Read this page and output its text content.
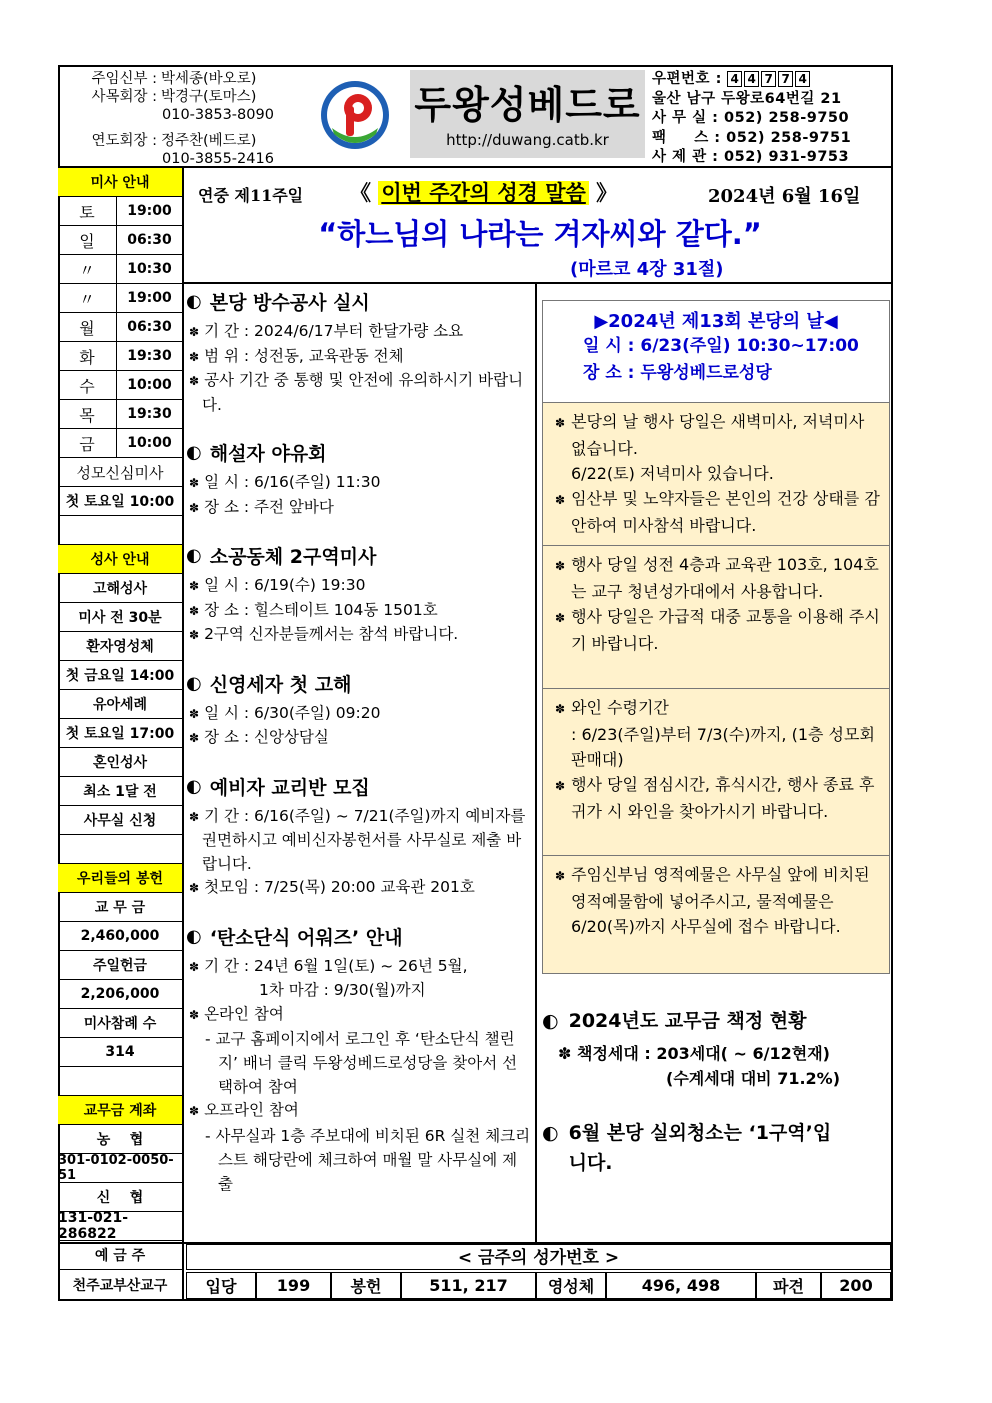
주임신부 : 박세종(바오로)
사목회장 : 박경구(토마스)
010-3853-8090
연도회장 : 정주찬(베드로)
010-3855-2416
두왕성베드로
http://duwang.catb.kr
우편번호 : 4 4 7 7 4
울산 남구 두왕로64번길 21
사 무 실 : 052) 258-9750
팩     스 : 052) 258-9751
사 제 관 : 052) 931-9753
미사 안내
토	19:00
일	06:30
〃	10:30
〃	19:00
월	06:30
화	19:30
수	10:00
목	19:30
금	10:00
성모신심미사
첫 토요일 10:00
성사 안내
고해성사
미사 전 30분
환자영성체
첫 금요일 14:00
유아세례
첫 토요일 17:00
혼인성사
최소 1달 전
사무실 신청
우리들의 봉헌
교 무 금
2,460,000
주일헌금
2,206,000
미사참례 수
314
교무금 계좌
농    협
301-0102-0050-51
신    협
131-021-286822
예 금 주
천주교부산교구
연중 제11주일 《 이번 주간의 성경 말씀 》	2024년 6월 16일
“하느님의 나라는 겨자씨와 같다.”
(마르코 4장 31절)
◐ 본당 방수공사 실시
✽ 기 간 : 2024/6/17부터 한달가량 소요
✽ 범 위 : 성전동, 교육관동 전체
✽ 공사 기간 중 통행 및 안전에 유의하시기 바랍니다.
◐ 해설자 야유회
✽ 일 시 : 6/16(주일) 11:30
✽ 장 소 : 주전 앞바다
◐ 소공동체 2구역미사
✽ 일 시 : 6/19(수) 19:30
✽ 장 소 : 힐스테이트 104동 1501호
✽ 2구역 신자분들께서는 참석 바랍니다.
◐ 신영세자 첫 고해
✽ 일 시 : 6/30(주일) 09:20
✽ 장 소 : 신앙상담실
◐ 예비자 교리반 모집
✽ 기 간 : 6/16(주일) ~ 7/21(주일)까지 예비자를 권면하시고 예비신자봉헌서를 사무실로 제출 바랍니다.
✽ 첫모임 : 7/25(목) 20:00 교육관 201호
◐ ‘탄소단식 어워즈’ 안내
✽ 기 간 : 24년 6월 1일(토) ~ 26년 5월,
1차 마감 : 9/30(월)까지
✽ 온라인 참여
- 교구 홈페이지에서 로그인 후 ‘탄소단식 챌린지’ 배너 클릭 두왕성베드로성당을 찾아서 선택하여 참여
✽ 오프라인 참여
- 사무실과 1층 주보대에 비치된 6R 실천 체크리스트 해당란에 체크하여 매월 말 사무실에 제출
▶2024년 제13회 본당의 날◀
일 시 : 6/23(주일) 10:30~17:00
장 소 : 두왕성베드로성당
✽ 본당의 날 행사 당일은 새벽미사, 저녁미사 없습니다.
6/22(토) 저녁미사 있습니다.
✽ 임산부 및 노약자들은 본인의 건강 상태를 감안하여 미사참석 바랍니다.
✽ 행사 당일 성전 4층과 교육관 103호, 104호는 교구 청년성가대에서 사용합니다.
✽ 행사 당일은 가급적 대중 교통을 이용해 주시기 바랍니다.
✽ 와인 수령기간
: 6/23(주일)부터 7/3(수)까지, (1층 성모회 판매대)
✽ 행사 당일 점심시간, 휴식시간, 행사 종료 후 귀가 시 와인을 찾아가시기 바랍니다.
✽ 주임신부님 영적예물은 사무실 앞에 비치된 영적예물함에 넣어주시고, 물적예물은 6/20(목)까지 사무실에 접수 바랍니다.
◐ 2024년도 교무금 책정 현황
✽ 책정세대 : 203세대( ~ 6/12현재)
(수계세대 대비 71.2%)
◐ 6월 본당 실외청소는 ‘1구역’입니다.
< 금주의 성가번호 >
입당	199	봉헌	511, 217	영성체	496, 498	파견	200
